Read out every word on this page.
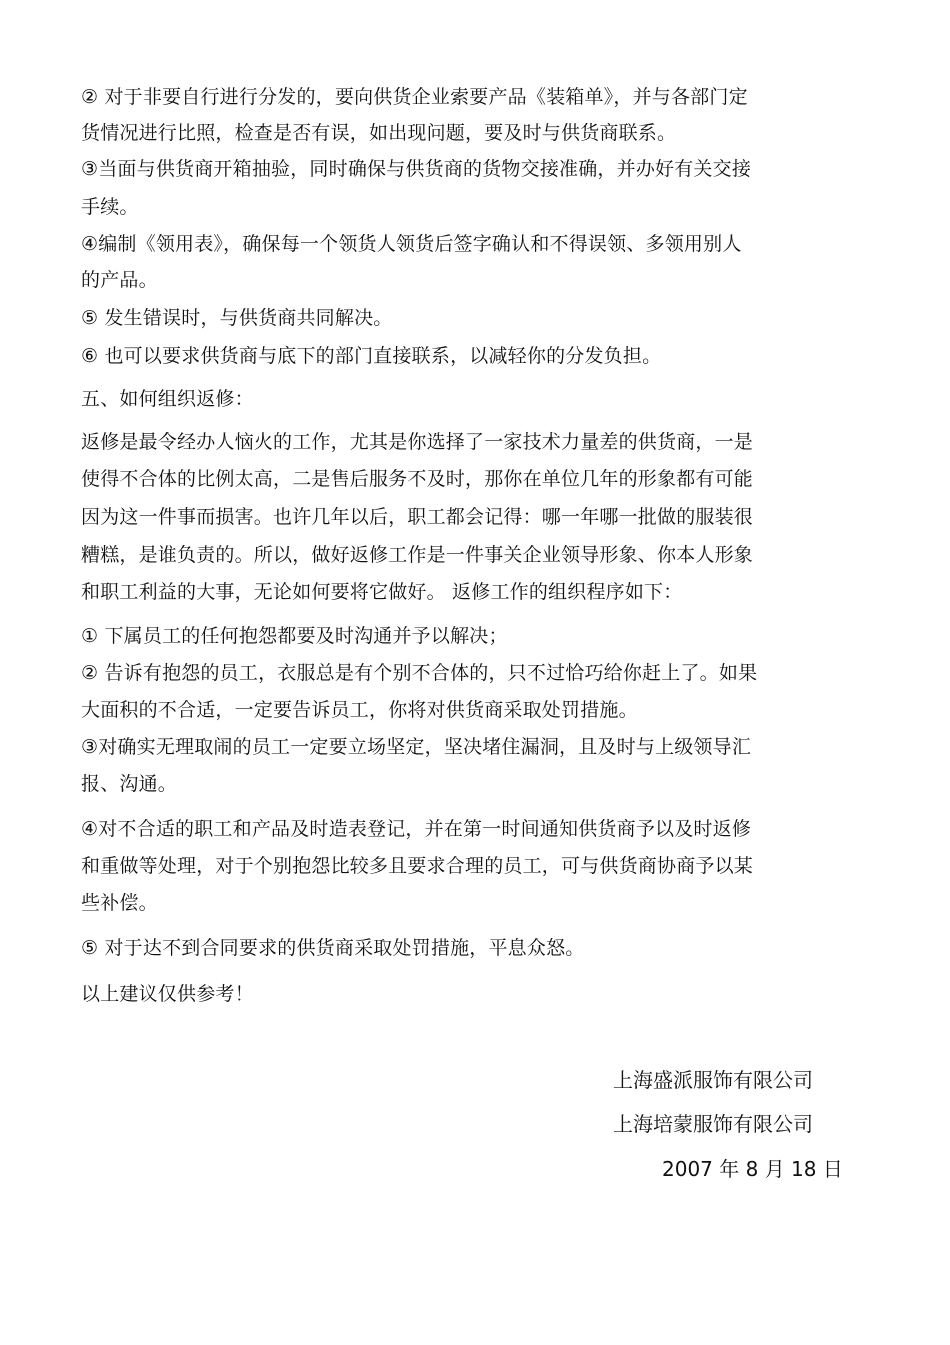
② 对于非要自行进行分发的，要向供货企业索要产品《装箱单》，并与各部门定

货情况进行比照，检查是否有误，如出现问题，要及时与供货商联系。

③当面与供货商开箱抽验，同时确保与供货商的货物交接准确，并办好有关交接

手续。

④编制《领用表》，确保每一个领货人领货后签字确认和不得误领、多领用别人

的产品。

⑤ 发生错误时，与供货商共同解决。

⑥ 也可以要求供货商与底下的部门直接联系，以减轻你的分发负担。

五、如何组织返修：

返修是最令经办人恼火的工作，尤其是你选择了一家技术力量差的供货商，一是

使得不合体的比例太高，二是售后服务不及时，那你在单位几年的形象都有可能

因为这一件事而损害。也许几年以后，职工都会记得：哪一年哪一批做的服装很

糟糕，是谁负责的。所以，做好返修工作是一件事关企业领导形象、你本人形象

和职工利益的大事，无论如何要将它做好。 返修工作的组织程序如下：

① 下属员工的任何抱怨都要及时沟通并予以解决；

② 告诉有抱怨的员工，衣服总是有个别不合体的，只不过恰巧给你赶上了。如果

大面积的不合适，一定要告诉员工，你将对供货商采取处罚措施。

③对确实无理取闹的员工一定要立场坚定，坚决堵住漏洞，且及时与上级领导汇

报、沟通。

④对不合适的职工和产品及时造表登记，并在第一时间通知供货商予以及时返修

和重做等处理，对于个别抱怨比较多且要求合理的员工，可与供货商协商予以某

些补偿。

⑤ 对于达不到合同要求的供货商采取处罚措施，平息众怒。

以上建议仅供参考！

上海盛派服饰有限公司

上海培蒙服饰有限公司

2007 年 8 月 18 日
